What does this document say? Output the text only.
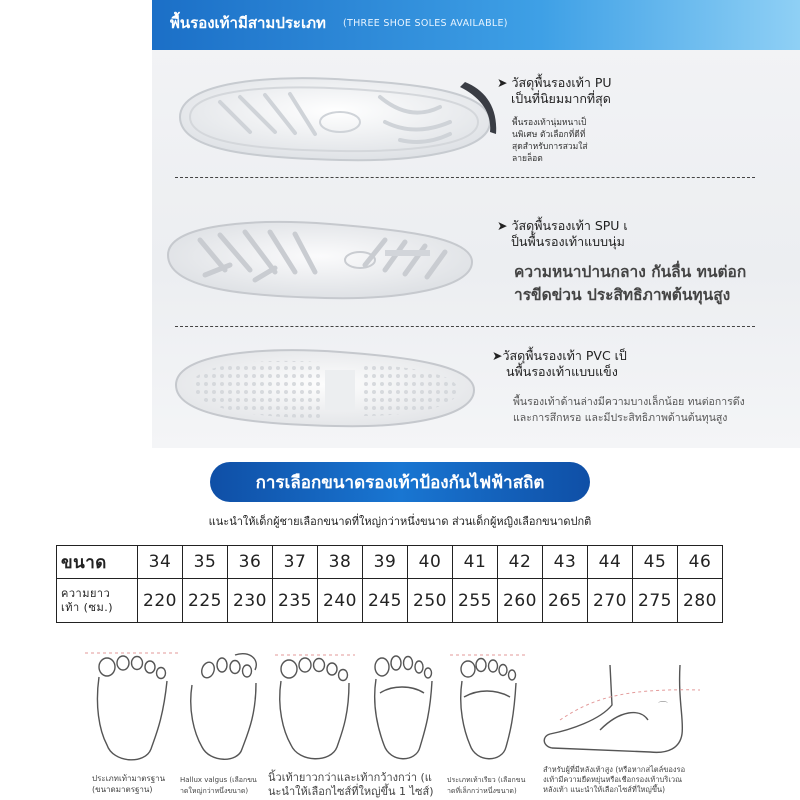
พื้นรองเท้ามีสามประเภท (THREE SHOE SOLES AVAILABLE)
➤ วัสดุพื้นรองเท้า PU
เป็นที่นิยมมากที่สุด
พื้นรองเท้านุ่มหนาเป็
นพิเศษ ตัวเลือกที่ดีที่
สุดสำหรับการสวมใส่
ลายล็อต
➤ วัสดุพื้นรองเท้า SPU เ
ป็นพื้นรองเท้าแบบนุ่ม
ความหนาปานกลาง กันลื่น ทนต่อก
ารขีดข่วน ประสิทธิภาพต้นทุนสูง
➤วัสดุพื้นรองเท้า PVC เป็
นพื้นรองเท้าแบบแข็ง
พื้นรองเท้าด้านล่างมีความบางเล็กน้อย ทนต่อการดึง
และการสึกหรอ และมีประสิทธิภาพด้านต้นทุนสูง
การเลือกขนาดรองเท้าป้องกันไฟฟ้าสถิต
แนะนำให้เด็กผู้ชายเลือกขนาดที่ใหญ่กว่าหนึ่งขนาด ส่วนเด็กผู้หญิงเลือกขนาดปกติ
ขนาด	34	35	36	37	38	39	40	41	42	43	44	45	46

ความยาว
เท้า (ซม.)	220	225	230	235	240	245	250	255	260	265	270	275	280
⌒
ประเภทเท้ามาตรฐาน
(ขนาดมาตรฐาน)
Hallux valgus (เลือกขน
าดใหญ่กว่าหนึ่งขนาด)
นิ้วเท้ายาวกว่าและเท้ากว้างกว่า (แ
นะนำให้เลือกไซส์ที่ใหญ่ขึ้น 1 ไซส์)
ประเภทเท้าเรียว (เลือกขน
าดที่เล็กกว่าหนึ่งขนาด)
สำหรับผู้ที่มีหลังเท้าสูง (หรือหากสไตล์ของรอ
งเท้ามีความยืดหยุ่นหรือเชือกรองเท้าบริเวณ
หลังเท้า แนะนำให้เลือกไซส์ที่ใหญ่ขึ้น)
